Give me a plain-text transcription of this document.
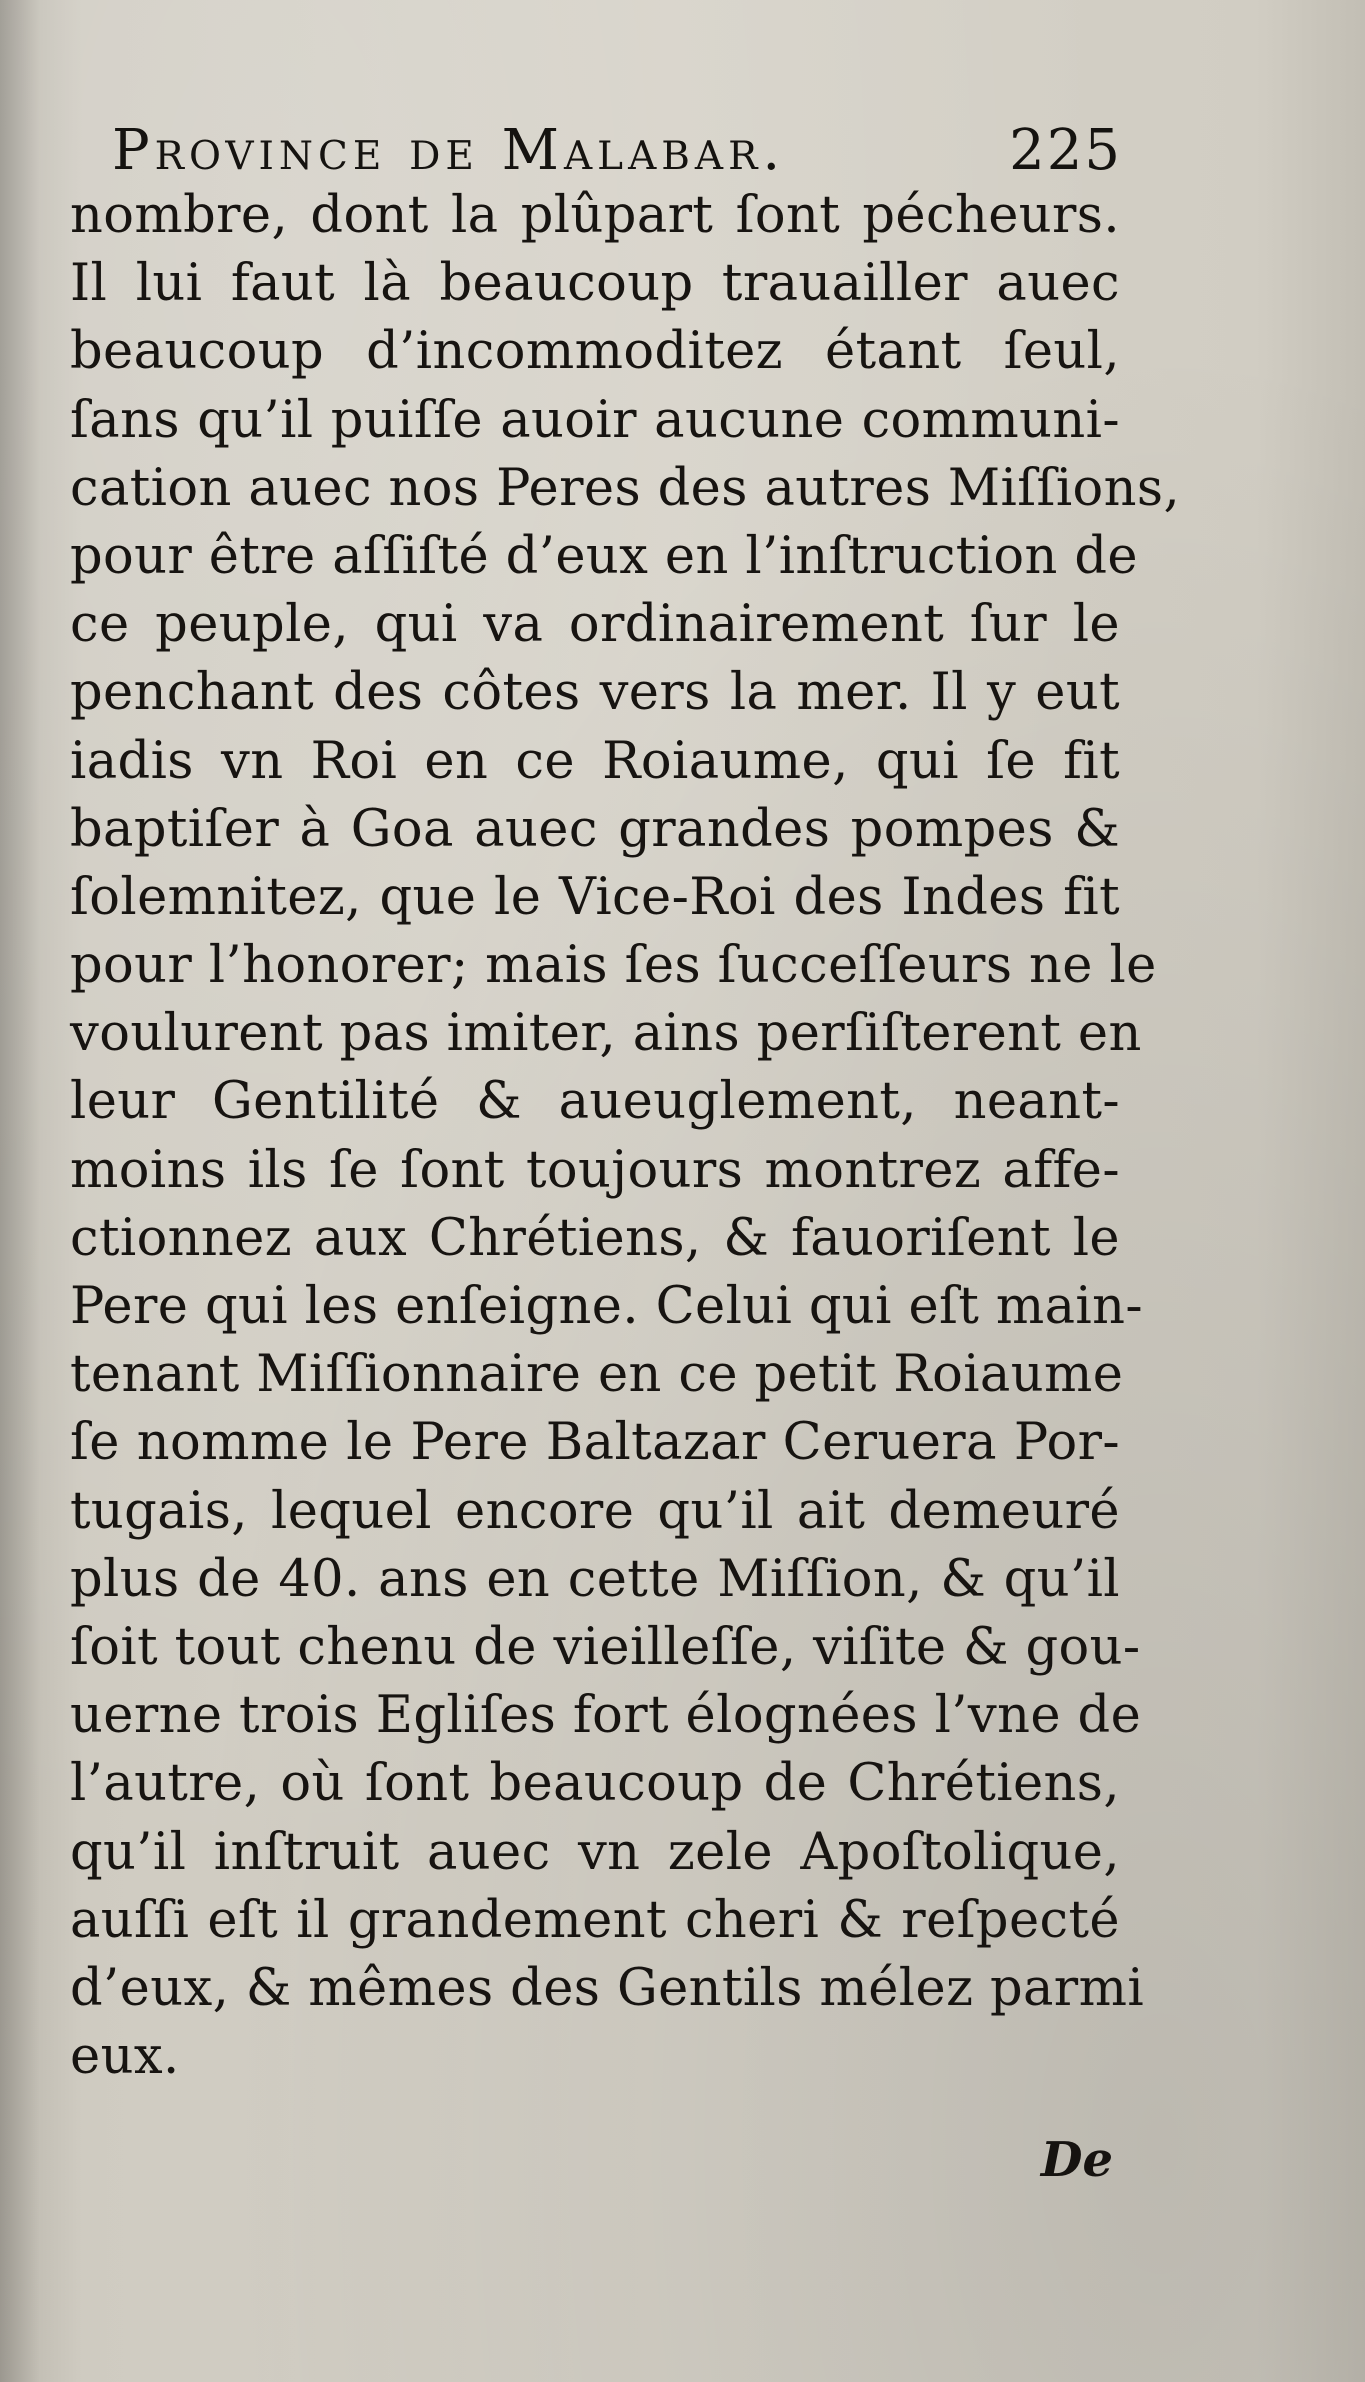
Province de Malabar.	225
nombre, dont la plûpart ſont pécheurs.
Il lui faut là beaucoup trauailler auec
beaucoup d’incommoditez étant ſeul,
ſans qu’il puiſſe auoir aucune communi-
cation auec nos Peres des autres Miſſions,
pour être aſſiſté d’eux en l’inſtruction de
ce peuple, qui va ordinairement ſur le
penchant des côtes vers la mer. Il y eut
iadis vn Roi en ce Roiaume, qui ſe fit
baptiſer à Goa auec grandes pompes &
ſolemnitez, que le Vice-Roi des Indes fit
pour l’honorer; mais ſes ſucceſſeurs ne le
voulurent pas imiter, ains perſiſterent en
leur Gentilité & aueuglement, neant-
moins ils ſe ſont toujours montrez affe-
ctionnez aux Chrétiens, & fauoriſent le
Pere qui les enſeigne. Celui qui eſt main-
tenant Miſſionnaire en ce petit Roiaume
ſe nomme le Pere Baltazar Ceruera Por-
tugais, lequel encore qu’il ait demeuré
plus de 40. ans en cette Miſſion, & qu’il
ſoit tout chenu de vieilleſſe, viſite & gou-
uerne trois Egliſes fort élognées l’vne de
l’autre, où ſont beaucoup de Chrétiens,
qu’il inſtruit auec vn zele Apoſtolique,
auſſi eſt il grandement cheri & reſpecté
d’eux, & mêmes des Gentils mélez parmi
eux.
De
